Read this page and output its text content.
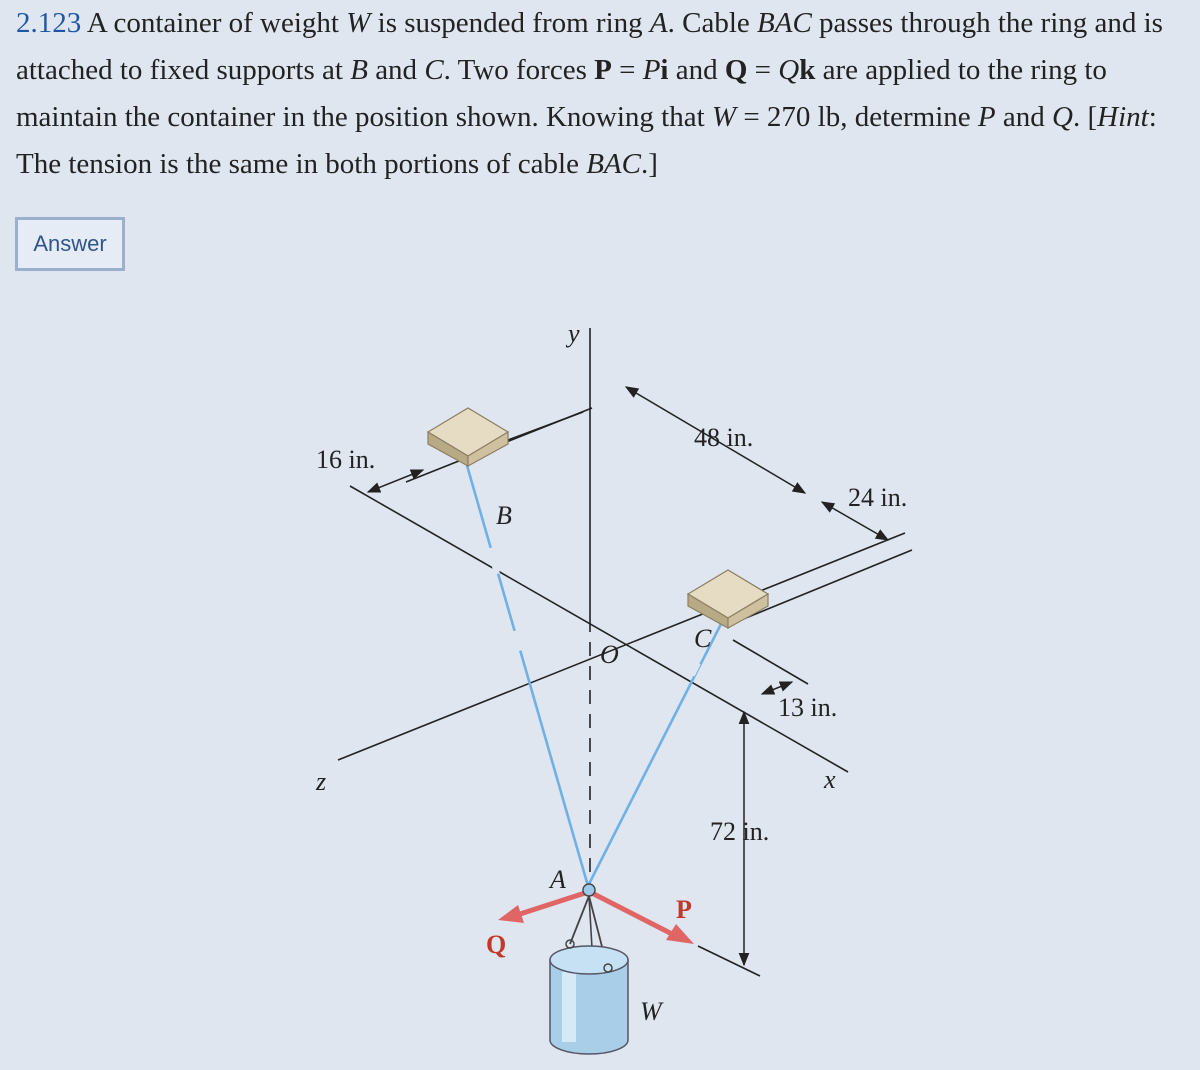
2.123 A container of weight W is suspended from ring A. Cable BAC passes through the ring and is attached to fixed supports at B and C. Two forces P = Pi and Q = Qk are applied to the ring to maintain the container in the position shown. Knowing that W = 270 lb, determine P and Q. [Hint: The tension is the same in both portions of cable BAC.]
Answer
y
x
z
O
A
B
C
P
Q
W
16 in.
48 in.
24 in.
13 in.
72 in.
